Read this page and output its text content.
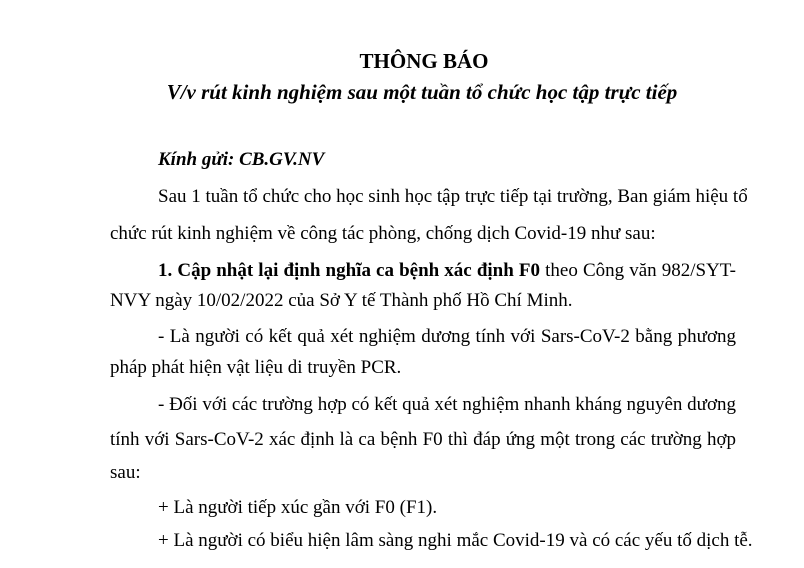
THÔNG BÁO
V/v rút kinh nghiệm sau một tuần tổ chức học tập trực tiếp
Kính gửi: CB.GV.NV
Sau 1 tuần tổ chức cho học sinh học tập trực tiếp tại trường, Ban giám hiệu tổ
chức rút kinh nghiệm về công tác phòng, chống dịch Covid-19 như sau:
1. Cập nhật lại định nghĩa ca bệnh xác định F0 theo Công văn 982/SYT-
NVY ngày 10/02/2022 của Sở Y tế Thành phố Hồ Chí Minh.
- Là người có kết quả xét nghiệm dương tính với Sars-CoV-2 bằng phương
pháp phát hiện vật liệu di truyền PCR.
- Đối với các trường hợp có kết quả xét nghiệm nhanh kháng nguyên dương
tính với Sars-CoV-2 xác định là ca bệnh F0 thì đáp ứng một trong các trường hợp
sau:
+ Là người tiếp xúc gần với F0 (F1).
+ Là người có biểu hiện lâm sàng nghi mắc Covid-19 và có các yếu tố dịch tễ.
